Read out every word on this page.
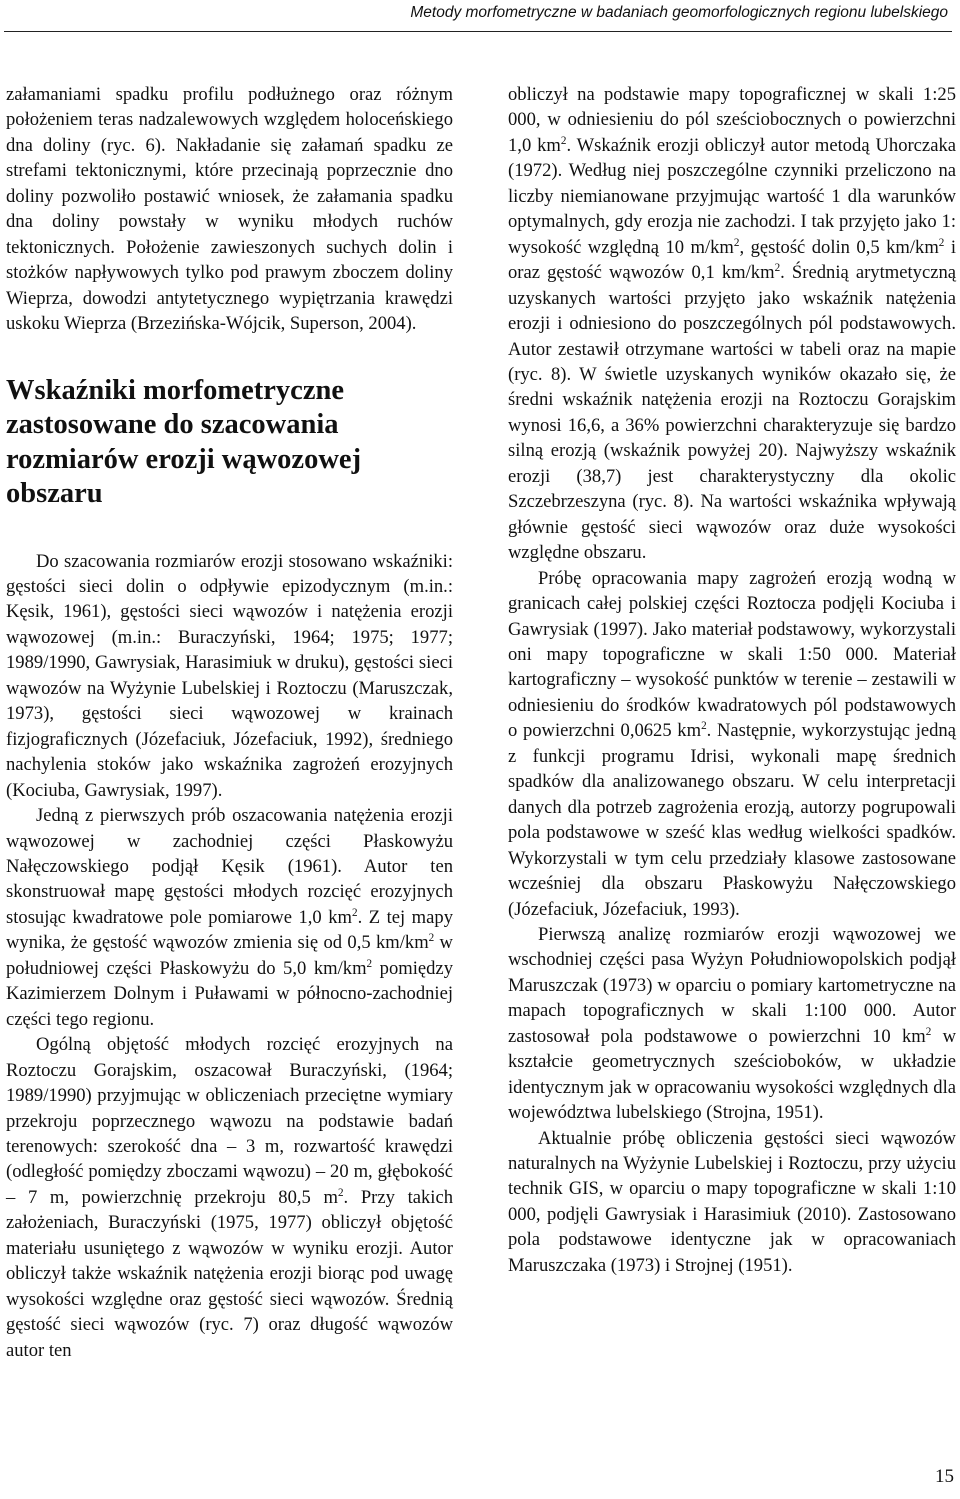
Metody morfometryczne w badaniach geomorfologicznych regionu lubelskiego

załamaniami spadku profilu podłużnego oraz różnym położeniem teras nadzalewowych względem holoceńskiego dna doliny (ryc. 6). Nakładanie się załamań spadku ze strefami tektonicznymi, które przecinają poprzecznie dno doliny pozwoliło postawić wniosek, że załamania spadku dna doliny powstały w wyniku młodych ruchów tektonicznych. Położenie zawieszonych suchych dolin i stożków napływowych tylko pod prawym zboczem doliny Wieprza, dowodzi antytetycznego wypiętrzania krawędzi uskoku Wieprza (Brzezińska-Wójcik, Superson, 2004).

Wskaźniki morfometryczne zastosowane do szacowania rozmiarów erozji wąwozowej obszaru

Do szacowania rozmiarów erozji stosowano wskaźniki: gęstości sieci dolin o odpływie epizodycznym (m.in.: Kęsik, 1961), gęstości sieci wąwozów i natężenia erozji wąwozowej (m.in.: Buraczyński, 1964; 1975; 1977; 1989/1990, Gawrysiak, Harasimiuk w druku), gęstości sieci wąwozów na Wyżynie Lubelskiej i Roztoczu (Maruszczak, 1973), gęstości sieci wąwozowej w krainach fizjograficznych (Józefaciuk, Józefaciuk, 1992), średniego nachylenia stoków jako wskaźnika zagrożeń erozyjnych (Kociuba, Gawrysiak, 1997).

Jedną z pierwszych prób oszacowania natężenia erozji wąwozowej w zachodniej części Płaskowyżu Nałęczowskiego podjął Kęsik (1961). Autor ten skonstruował mapę gęstości młodych rozcięć erozyjnych stosując kwadratowe pole pomiarowe 1,0 $km^2$. Z tej mapy wynika, że gęstość wąwozów zmienia się od 0,5 $km/km^2$ w południowej części Płaskowyżu do 5,0 $km/km^2$ pomiędzy Kazimierzem Dolnym i Puławami w północno-zachodniej części tego regionu.

Ogólną objętość młodych rozcięć erozyjnych na Roztoczu Gorajskim, oszacował Buraczyński, (1964; 1989/1990) przyjmując w obliczeniach przeciętne wymiary przekroju poprzecznego wąwozu na podstawie badań terenowych: szerokość dna – 3 m, rozwartość krawędzi (odległość pomiędzy zboczami wąwozu) – 20 m, głębokość – 7 m, powierzchnię przekroju 80,5 $m^2$. Przy takich założeniach, Buraczyński (1975, 1977) obliczył objętość materiału usuniętego z wąwozów w wyniku erozji. Autor obliczył także wskaźnik natężenia erozji biorąc pod uwagę wysokości względne oraz gęstość sieci wąwozów. Średnią gęstość sieci wąwozów (ryc. 7) oraz długość wąwozów autor ten

obliczył na podstawie mapy topograficznej w skali 1:25 000, w odniesieniu do pól sześciobocznych o powierzchni 1,0 $km^2$. Wskaźnik erozji obliczył autor metodą Uhorczaka (1972). Według niej poszczególne czynniki przeliczono na liczby niemianowane przyjmując wartość 1 dla warunków optymalnych, gdy erozja nie zachodzi. I tak przyjęto jako 1: wysokość względną 10 $m/km^2$, gęstość dolin 0,5 $km/km^2$ i oraz gęstość wąwozów 0,1 $km/km^2$. Średnią arytmetyczną uzyskanych wartości przyjęto jako wskaźnik natężenia erozji i odniesiono do poszczególnych pól podstawowych. Autor zestawił otrzymane wartości w tabeli oraz na mapie (ryc. 8). W świetle uzyskanych wyników okazało się, że średni wskaźnik natężenia erozji na Roztoczu Gorajskim wynosi 16,6, a 36% powierzchni charakteryzuje się bardzo silną erozją (wskaźnik powyżej 20). Najwyższy wskaźnik erozji (38,7) jest charakterystyczny dla okolic Szczebrzeszyna (ryc. 8). Na wartości wskaźnika wpływają głównie gęstość sieci wąwozów oraz duże wysokości względne obszaru.

Próbę opracowania mapy zagrożeń erozją wodną w granicach całej polskiej części Roztocza podjęli Kociuba i Gawrysiak (1997). Jako materiał podstawowy, wykorzystali oni mapy topograficzne w skali 1:50 000. Materiał kartograficzny – wysokość punktów w terenie – zestawili w odniesieniu do środków kwadratowych pól podstawowych o powierzchni 0,0625 $km^2$. Następnie, wykorzystując jedną z funkcji programu Idrisi, wykonali mapę średnich spadków dla analizowanego obszaru. W celu interpretacji danych dla potrzeb zagrożenia erozją, autorzy pogrupowali pola podstawowe w sześć klas według wielkości spadków. Wykorzystali w tym celu przedziały klasowe zastosowane wcześniej dla obszaru Płaskowyżu Nałęczowskiego (Józefaciuk, Józefaciuk, 1993).

Pierwszą analizę rozmiarów erozji wąwozowej we wschodniej części pasa Wyżyn Południowopolskich podjął Maruszczak (1973) w oparciu o pomiary kartometryczne na mapach topograficznych w skali 1:100 000. Autor zastosował pola podstawowe o powierzchni 10 $km^2$ w kształcie geometrycznych sześcioboków, w układzie identycznym jak w opracowaniu wysokości względnych dla województwa lubelskiego (Strojna, 1951).

Aktualnie próbę obliczenia gęstości sieci wąwozów naturalnych na Wyżynie Lubelskiej i Roztoczu, przy użyciu technik GIS, w oparciu o mapy topograficzne w skali 1:10 000, podjęli Gawrysiak i Harasimiuk (2010). Zastosowano pola podstawowe identyczne jak w opracowaniach Maruszczaka (1973) i Strojnej (1951).

15
